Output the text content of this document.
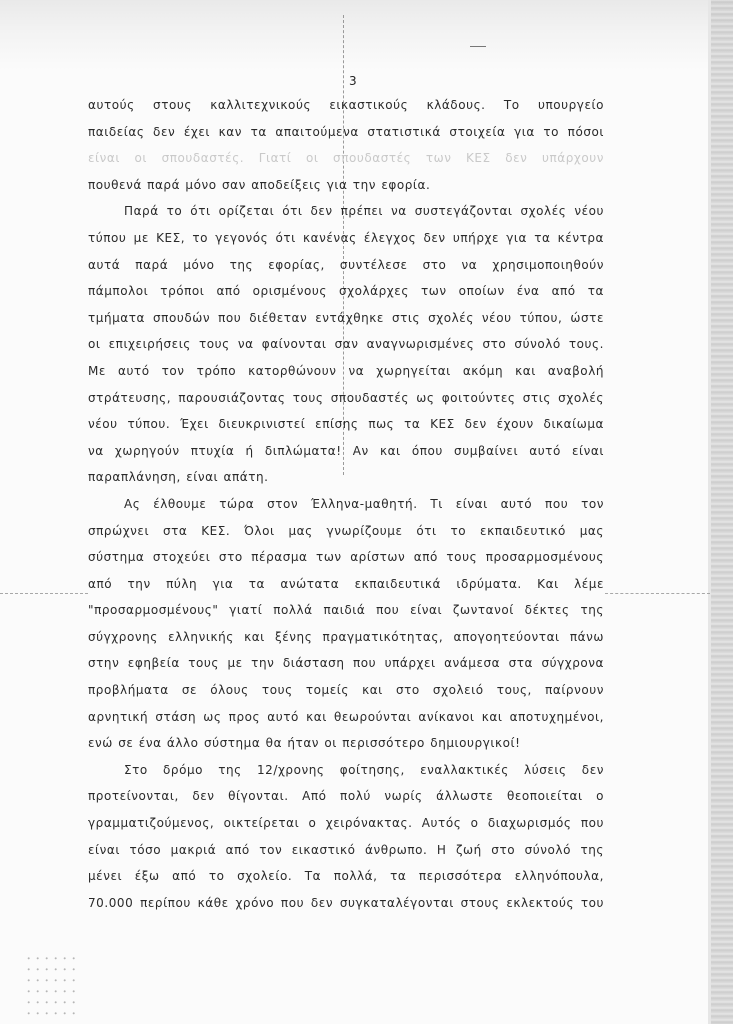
3
αυτούς στους καλλιτεχνικούς εικαστικούς κλάδους. Το υπουργείο
παιδείας δεν έχει καν τα απαιτούμενα στατιστικά στοιχεία για το πόσοι
είναι οι σπουδαστές. Γιατί οι σπουδαστές των ΚΕΣ δεν υπάρχουν
πουθενά παρά μόνο σαν αποδείξεις για την εφορία.
Παρά το ότι ορίζεται ότι δεν πρέπει να συστεγάζονται σχολές νέου
τύπου με ΚΕΣ, το γεγονός ότι κανένας έλεγχος δεν υπήρχε για τα κέντρα
αυτά παρά μόνο της εφορίας, συντέλεσε στο να χρησιμοποιηθούν
πάμπολοι τρόποι από ορισμένους σχολάρχες των οποίων ένα από τα
τμήματα σπουδών που διέθεταν εντάχθηκε στις σχολές νέου τύπου, ώστε
οι επιχειρήσεις τους να φαίνονται σαν αναγνωρισμένες στο σύνολό τους.
Με αυτό τον τρόπο κατορθώνουν να χωρηγείται ακόμη και αναβολή
στράτευσης, παρουσιάζοντας τους σπουδαστές ως φοιτούντες στις σχολές
νέου τύπου. Έχει διευκρινιστεί επίσης πως τα ΚΕΣ δεν έχουν δικαίωμα
να χωρηγούν πτυχία ή διπλώματα! Αν και όπου συμβαίνει αυτό είναι
παραπλάνηση, είναι απάτη.
Ας έλθουμε τώρα στον Έλληνα-μαθητή. Τι είναι αυτό που τον
σπρώχνει στα ΚΕΣ. Όλοι μας γνωρίζουμε ότι το εκπαιδευτικό μας
σύστημα στοχεύει στο πέρασμα των αρίστων από τους προσαρμοσμένους
από την πύλη για τα ανώτατα εκπαιδευτικά ιδρύματα. Και λέμε
"προσαρμοσμένους" γιατί πολλά παιδιά που είναι ζωντανοί δέκτες της
σύγχρονης ελληνικής και ξένης πραγματικότητας, απογοητεύονται πάνω
στην εφηβεία τους με την διάσταση που υπάρχει ανάμεσα στα σύγχρονα
προβλήματα σε όλους τους τομείς και στο σχολειό τους, παίρνουν
αρνητική στάση ως προς αυτό και θεωρούνται ανίκανοι και αποτυχημένοι,
ενώ σε ένα άλλο σύστημα θα ήταν οι περισσότερο δημιουργικοί!
Στο δρόμο της 12/χρονης φοίτησης, εναλλακτικές λύσεις δεν
προτείνονται, δεν θίγονται. Από πολύ νωρίς άλλωστε θεοποιείται ο
γραμματιζούμενος, οικτείρεται ο χειρόνακτας. Αυτός ο διαχωρισμός που
είναι τόσο μακριά από τον εικαστικό άνθρωπο. Η ζωή στο σύνολό της
μένει έξω από το σχολείο. Τα πολλά, τα περισσότερα ελληνόπουλα,
70.000 περίπου κάθε χρόνο που δεν συγκαταλέγονται στους εκλεκτούς του
